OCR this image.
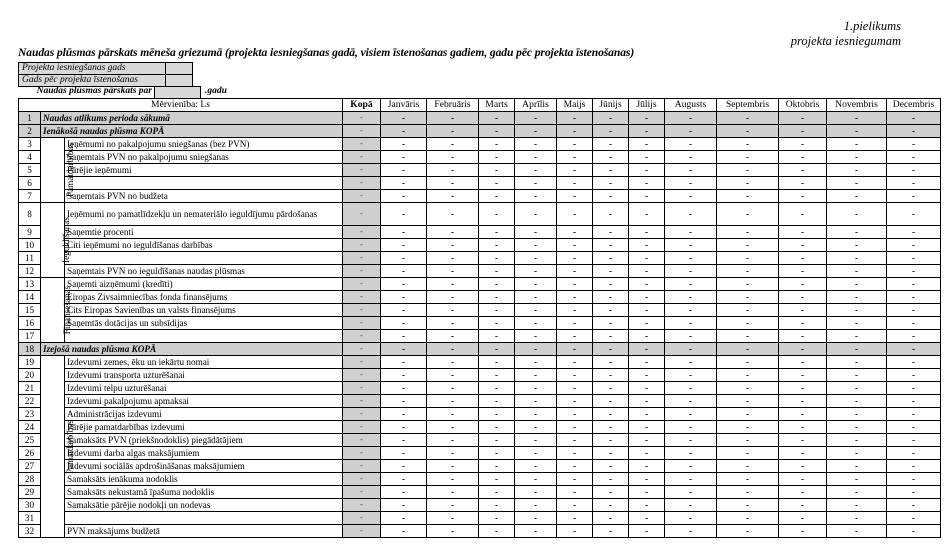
1.pielikums
projekta iesniegumam
Naudas plūsmas pārskats mēneša griezumā (projekta iesniegšanas gadā, visiem īstenošanas gadiem, gadu pēc projekta īstenošanas)
Projekta iesniegšanas gads	
Gads pēc projekta īstenošanas	
Naudas plūsmas pārskats par	.gadu
Mērvienība: Ls			Kopā	Janvāris	Februāris	Marts	Aprīlis	Maijs	Jūnijs	Jūlijs	Augusts	Septembris	Oktobris	Novembris	Decembris
1	Naudas atlikums perioda sākumā		-	-	-	-	-	-	-	-	-	-	-	-	-
2	Ienākošā naudas plūsma KOPĀ		-	-	-	-	-	-	-	-	-	-	-	-	-
3	Pamatdarbības	Ieņēmumi no pakalpojumu sniegšanas (bez PVN)	-	-	-	-	-	-	-	-	-	-	-	-	-
4		Saņemtais PVN no pakalpojumu sniegšanas	-	-	-	-	-	-	-	-	-	-	-	-	-
5		Pārējie ieņēmumi	-	-	-	-	-	-	-	-	-	-	-	-	-
6			-	-	-	-	-	-	-	-	-	-	-	-	-
7		Saņemtais PVN no budžeta	-	-	-	-	-	-	-	-	-	-	-	-	-
8	Ieguldīšanas	Ieņēmumi no pamatlīdzekļu un nemateriālo ieguldījumu pārdošanas	-	-	-	-	-	-	-	-	-	-	-	-	-
9		Saņemtie procenti	-	-	-	-	-	-	-	-	-	-	-	-	-
10		Citi ieņēmumi no ieguldīšanas darbības	-	-	-	-	-	-	-	-	-	-	-	-	-
11			-	-	-	-	-	-	-	-	-	-	-	-	-
12		Saņemtais PVN no ieguldīšanas naudas plūsmas	-	-	-	-	-	-	-	-	-	-	-	-	-
13	Finansēšanas	Saņemti aizņēmumi (kredīti)	-	-	-	-	-	-	-	-	-	-	-	-	-
14		Eiropas Zivsaimniecības fonda finansējums	-	-	-	-	-	-	-	-	-	-	-	-	-
15		Cits Eiropas Savienības un valsts finansējums	-	-	-	-	-	-	-	-	-	-	-	-	-
16		Saņemtās dotācijas un subsīdijas	-	-	-	-	-	-	-	-	-	-	-	-	-
17			-	-	-	-	-	-	-	-	-	-	-	-	-
18	Izejošā naudas plūsma KOPĀ		-	-	-	-	-	-	-	-	-	-	-	-	-
19	Pamatdarbības	Izdevumi zemes, ēku un iekārtu nomai	-	-	-	-	-	-	-	-	-	-	-	-	-
20		Izdevumi transporta uzturēšanai	-	-	-	-	-	-	-	-	-	-	-	-	-
21		Izdevumi telpu uzturēšanai	-	-	-	-	-	-	-	-	-	-	-	-	-
22		Izdevumi pakalpojumu apmaksai	-	-	-	-	-	-	-	-	-	-	-	-	-
23		Administrācijas izdevumi	-	-	-	-	-	-	-	-	-	-	-	-	-
24		Pārējie pamatdarbības izdevumi	-	-	-	-	-	-	-	-	-	-	-	-	-
25		Samaksāts PVN (priekšnodoklis) piegādātājiem	-	-	-	-	-	-	-	-	-	-	-	-	-
26		Izdevumi darba algas maksājumiem	-	-	-	-	-	-	-	-	-	-	-	-	-
27		Izdevumi sociālās apdrošināšanas maksājumiem	-	-	-	-	-	-	-	-	-	-	-	-	-
28		Samaksāts ienākuma nodoklis	-	-	-	-	-	-	-	-	-	-	-	-	-
29		Samaksāts nekustamā īpašuma nodoklis	-	-	-	-	-	-	-	-	-	-	-	-	-
30		Samaksātie pārējie nodokļi un nodevas	-	-	-	-	-	-	-	-	-	-	-	-	-
31			-	-	-	-	-	-	-	-	-	-	-	-	-
32		PVN maksājums budžetā	-	-	-	-	-	-	-	-	-	-	-	-	-
